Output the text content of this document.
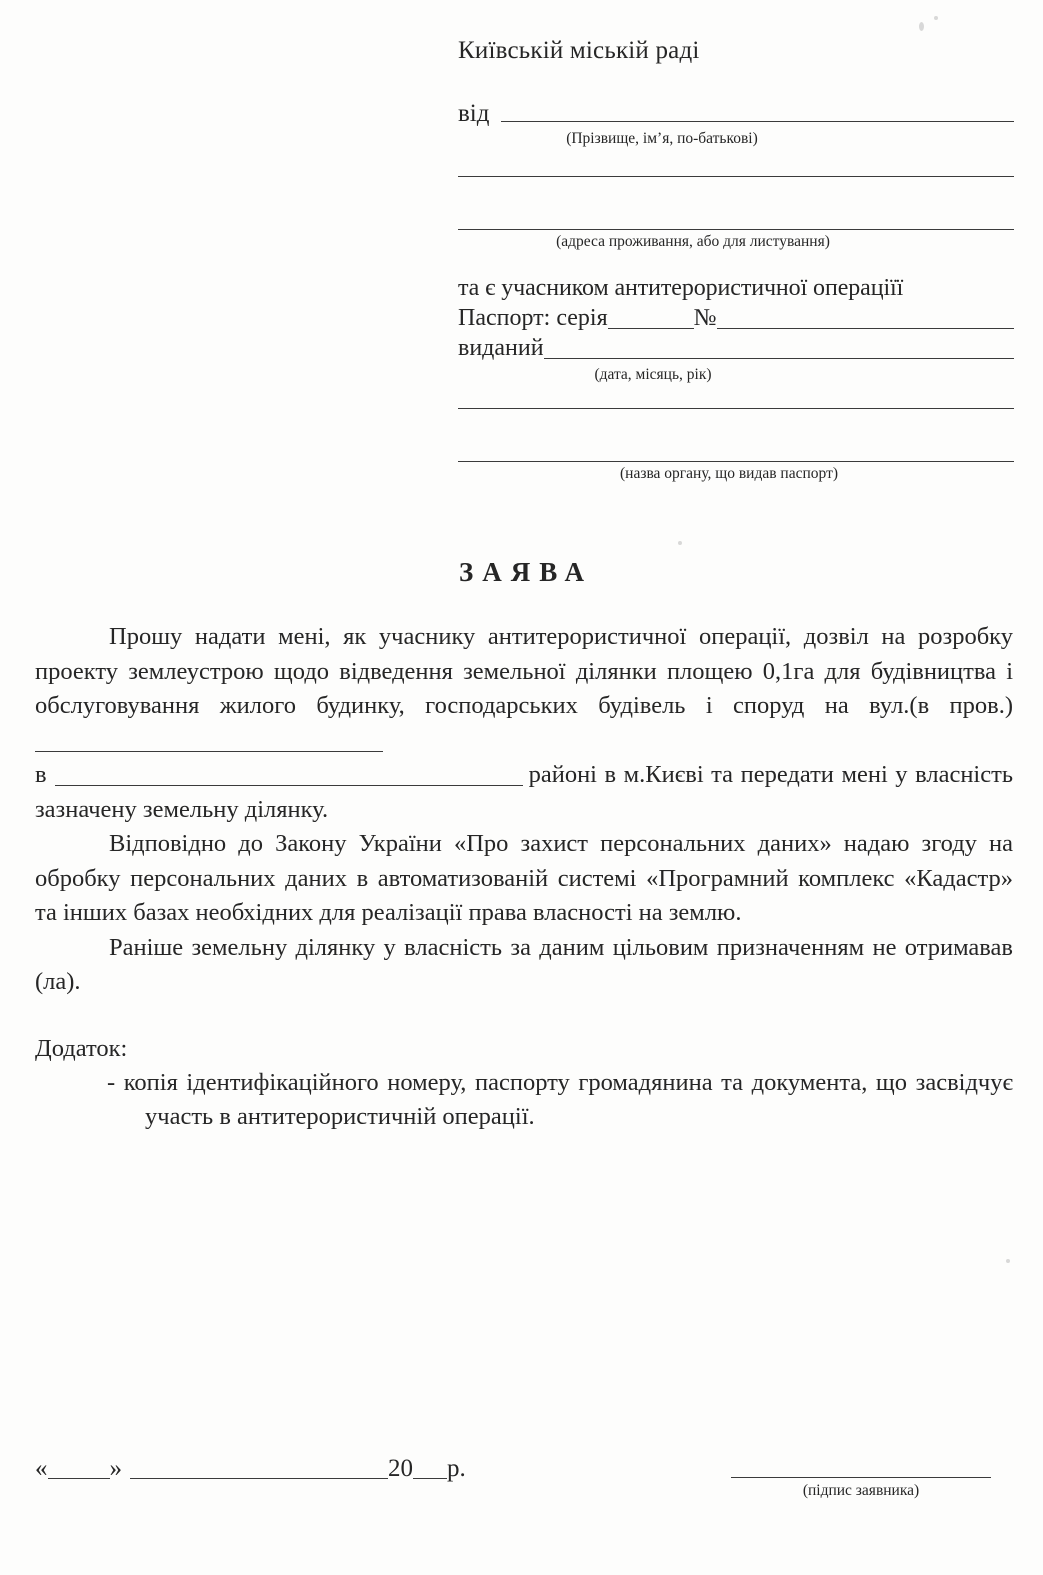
Київській міській раді
від
(Прізвище, ім’я, по-батькові)
(адреса проживання, або для листування)
та є учасником антитерористичної операціїї
Паспорт: серія	№
виданий
(дата, місяць, рік)
(назва органу, що видав паспорт)
ЗАЯВА

Прошу надати мені, як учаснику антитерористичної операції, дозвіл на розробку проекту землеустрою щодо відведення земельної ділянки площею 0,1га для будівництва і обслуговування жилого будинку, господарських будівель і споруд на вул.(в пров.)

в	районі в м.Києві та передати мені у власність зазначену земельну ділянку.

Відповідно до Закону України «Про захист персональних даних» надаю згоду на обробку персональних даних в автоматизованій системі «Програмний комплекс «Кадастр» та інших базах необхідних для реалізації права власності на землю.

Раніше земельну ділянку у власність за даним цільовим призначенням не отримавав (ла).

Додаток:

- копія ідентифікаційного номеру, паспорту громадянина та документа, що засвідчує участь в антитерористичній операції.

« »	20 р.
(підпис заявника)
